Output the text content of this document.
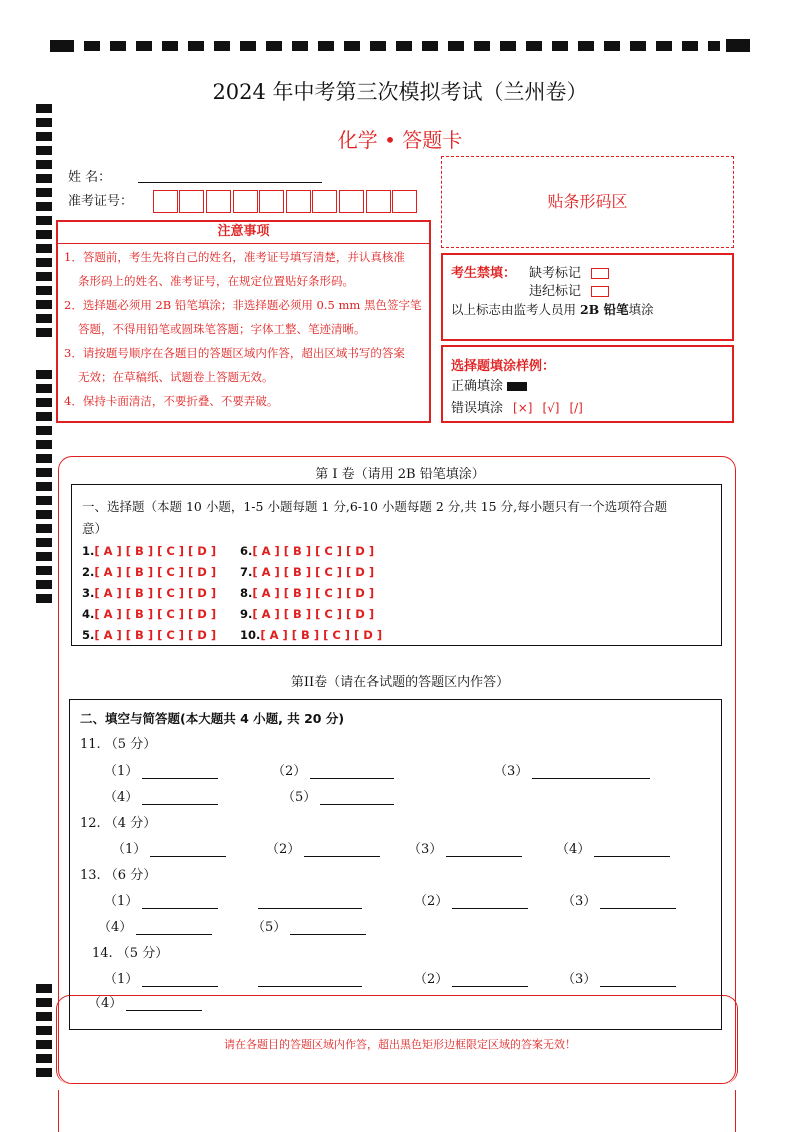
2024 年中考第三次模拟考试（兰州卷）
化学 • 答题卡
姓 名：
准考证号：	贴条形码区
注意事项
1．答题前，考生先将自己的姓名，准考证号填写清楚，并认真核准
条形码上的姓名、准考证号，在规定位置贴好条形码。
2．选择题必须用 2B 铅笔填涂；非选择题必须用 0.5 mm 黑色签字笔
答题，不得用铅笔或圆珠笔答题；字体工整、笔迹清晰。
3．请按题号顺序在各题目的答题区域内作答，超出区域书写的答案
无效；在草稿纸、试题卷上答题无效。
4．保持卡面清洁，不要折叠、不要弄破。
考生禁填： 缺考标记
违纪标记
以上标志由监考人员用 2B 铅笔填涂
选择题填涂样例：
正确填涂
错误填涂 [×] [√] [/]
第 I 卷（请用 2B 铅笔填涂）
一、选择题（本题 10 小题，1-5 小题每题 1 分,6-10 小题每题 2 分,共 15 分,每小题只有一个选项符合题
意）
1.[ A ] [ B ] [ C ] [ D ]
2.[ A ] [ B ] [ C ] [ D ]
3.[ A ] [ B ] [ C ] [ D ]
4.[ A ] [ B ] [ C ] [ D ]
5.[ A ] [ B ] [ C ] [ D ]
6.[ A ] [ B ] [ C ] [ D ]
7.[ A ] [ B ] [ C ] [ D ]
8.[ A ] [ B ] [ C ] [ D ]
9.[ A ] [ B ] [ C ] [ D ]
10.[ A ] [ B ] [ C ] [ D ]
第II卷（请在各试题的答题区内作答）
二、填空与简答题(本大题共 4 小题, 共 20 分)
11. （5 分）
（1）	（2）	（3）
（4）	（5）
12. （4 分）
（1）	（2）	（3）	（4）
13. （6 分）
（1）	（2）	（3）
（4）	（5）
14. （5 分）
（1）	（2）	（3）
（4）
请在各题目的答题区域内作答，超出黑色矩形边框限定区域的答案无效！
